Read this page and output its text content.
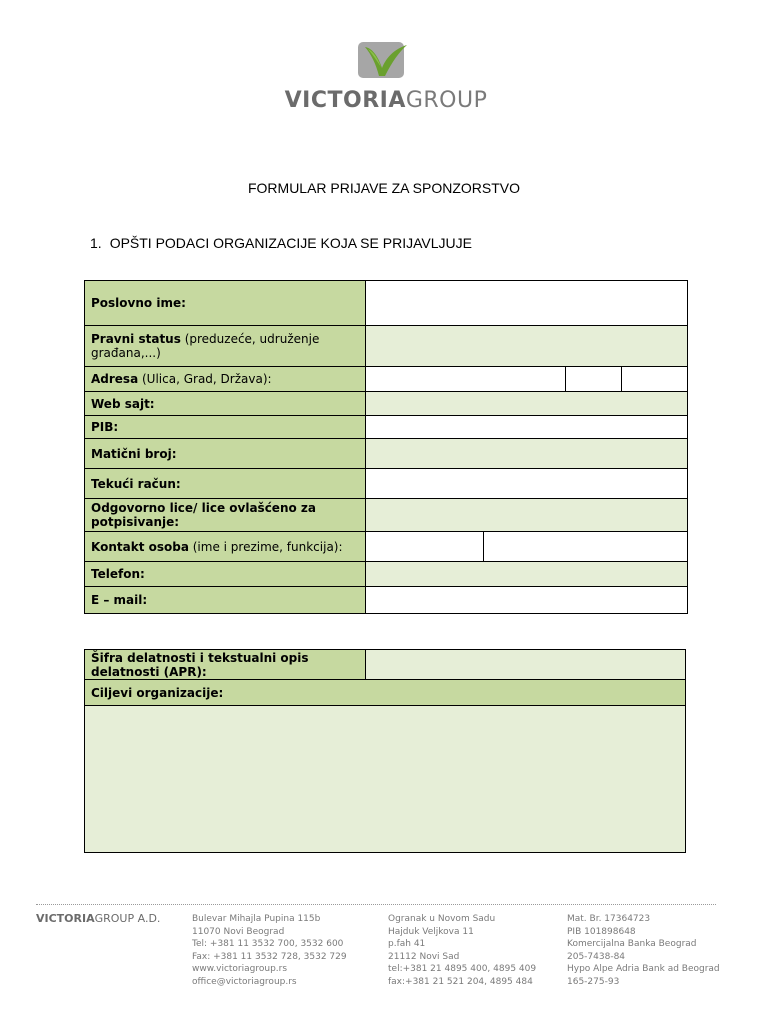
VICTORIAGROUP
FORMULAR PRIJAVE ZA SPONZORSTVO
1. OPŠTI PODACI ORGANIZACIJE KOJA SE PRIJAVLJUJE
Poslovno ime:				
Pravni status (preduzeće, udruženje građana,...)				
Adresa (Ulica, Grad, Država):				
Web sajt:				
PIB:				
Matični broj:				
Tekući račun:				
Odgovorno lice/ lice ovlašćeno za potpisivanje:				
Kontakt osoba (ime i prezime, funkcija):				
Telefon:				
E – mail:				
Šifra delatnosti i tekstualni opis delatnosti (APR):	
Ciljevi organizacije:

VICTORIAGROUP A.D.	Bulevar Mihajla Pupina 115b
11070 Novi Beograd
Tel: +381 11 3532 700, 3532 600
Fax: +381 11 3532 728, 3532 729
www.victoriagroup.rs
office@victoriagroup.rs
Ogranak u Novom Sadu
Hajduk Veljkova 11
p.fah 41
21112 Novi Sad
tel:+381 21 4895 400, 4895 409
fax:+381 21 521 204, 4895 484
Mat. Br. 17364723
PIB 101898648
Komercijalna Banka Beograd
205-7438-84
Hypo Alpe Adria Bank ad Beograd
165-275-93
